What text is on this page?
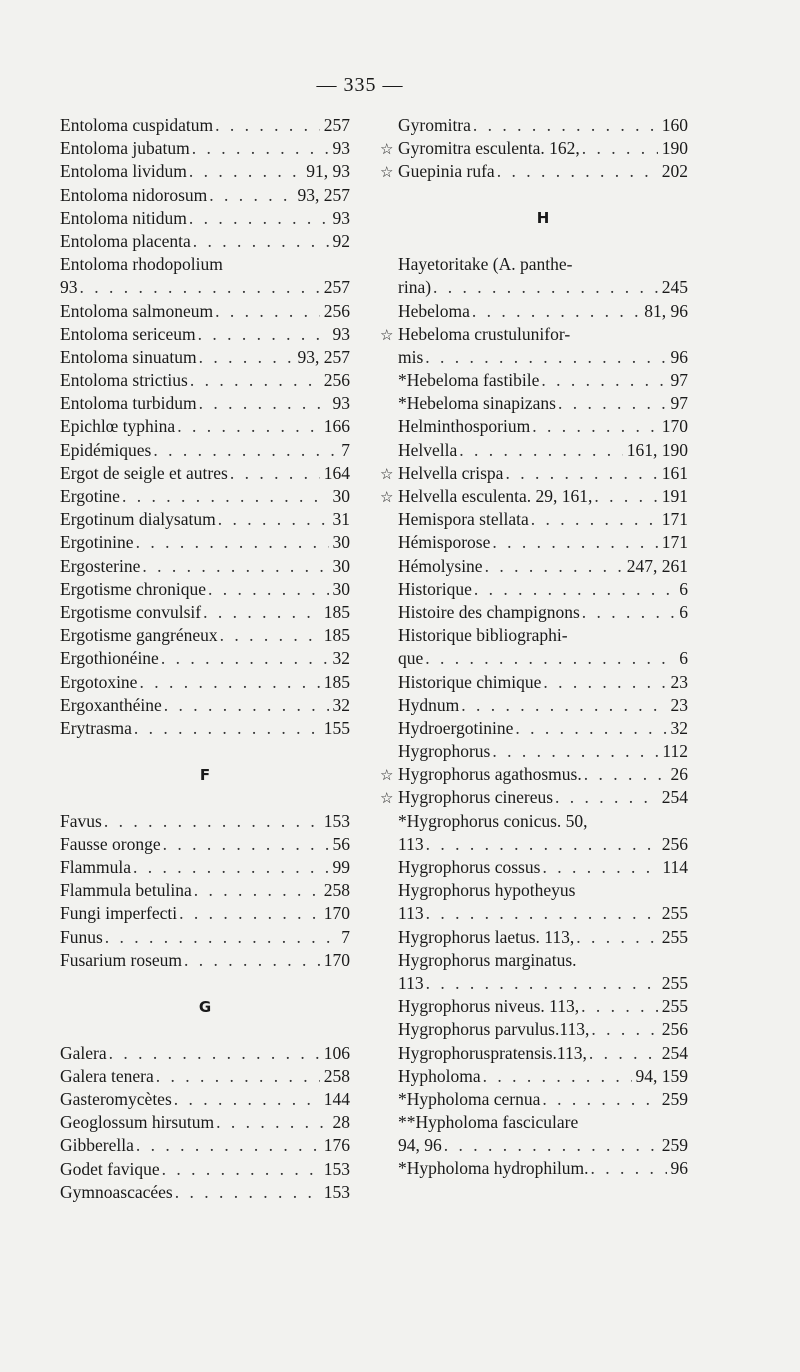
— 335 —
Entoloma cuspidatum . . .	257
Entoloma jubatum . . .	93
Entoloma lividum . . .	91, 93
Entoloma nidorosum . . .	93, 257
Entoloma nitidum . . .	93
Entoloma placenta . . .	92
Entoloma rhodopolium
93 . . .	257
Entoloma salmoneum . . .	256
Entoloma sericeum . . .	93
Entoloma sinuatum . . .	93, 257
Entoloma strictius . . .	256
Entoloma turbidum . . .	93
Epichlœ typhina . . .	166
Epidémiques . . .	7
Ergot de seigle et autres . . .	164
Ergotine . . .	30
Ergotinum dialysatum . . .	31
Ergotinine . . .	30
Ergosterine . . .	30
Ergotisme chronique . . .	30
Ergotisme convulsif . . .	185
Ergotisme gangréneux . . .	185
Ergothionéine . . .	32
Ergotoxine . . .	185
Ergoxanthéine . . .	32
Erytrasma . . .	155
F
Favus . . .	153
Fausse oronge . . .	56
Flammula . . .	99
Flammula betulina . . .	258
Fungi imperfecti . . .	170
Funus . . .	7
Fusarium roseum . . .	170
G
Galera . . .	106
Galera tenera . . .	258
Gasteromycètes . . .	144
Geoglossum hirsutum . . .	28
Gibberella . . .	176
Godet favique . . .	153
Gymnoascacées . . .	153
Gyromitra . . .	160
☆ Gyromitra esculenta. 162, . . .	190
☆ Guepinia rufa . . .	202
H
Hayetoritake (A. panthe-
rina) . . .	245
Hebeloma . . .	81, 96
☆ Hebeloma crustulunifor-
mis . . .	96
*Hebeloma fastibile . . .	97
*Hebeloma sinapizans . . .	97
Helminthosporium . . .	170
Helvella . . .	161, 190
☆ Helvella crispa . . .	161
☆ Helvella esculenta. 29, 161, . . .	191
Hemispora stellata . . .	171
Hémisporose . . .	171
Hémolysine . . .	247, 261
Historique . . .	6
Histoire des champignons . . .	6
Historique bibliographi-
que . . .	6
Historique chimique . . .	23
Hydnum . . .	23
Hydroergotinine . . .	32
Hygrophorus . . .	112
☆ Hygrophorus agathosmus. . . .	26
☆ Hygrophorus cinereus . . .	254
*Hygrophorus conicus. 50,
113 . . .	256
Hygrophorus cossus . . .	114
Hygrophorus hypotheyus
113 . . .	255
Hygrophorus laetus. 113, . . .	255
Hygrophorus marginatus.
113 . . .	255
Hygrophorus niveus. 113, . . .	255
Hygrophorus parvulus.113, . . .	256
Hygrophoruspratensis.113, . . .	254
Hypholoma . . .	94, 159
*Hypholoma cernua . . .	259
**Hypholoma fasciculare
94, 96 . . .	259
*Hypholoma hydrophilum. . . .	96
